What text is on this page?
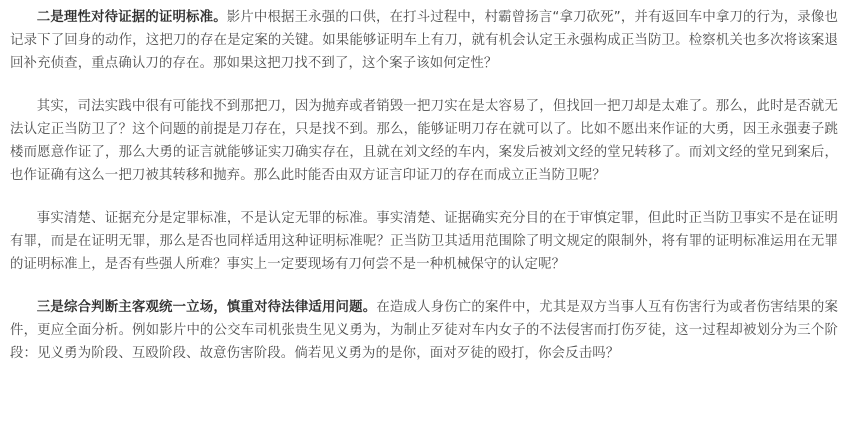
二是理性对待证据的证明标准。影片中根据王永强的口供，在打斗过程中，村霸曾扬言“拿刀砍死”，并有返回车中拿刀的行为，录像也记录下了回身的动作，这把刀的存在是定案的关键。如果能够证明车上有刀，就有机会认定王永强构成正当防卫。检察机关也多次将该案退回补充侦查，重点确认刀的存在。那如果这把刀找不到了，这个案子该如何定性？

其实，司法实践中很有可能找不到那把刀，因为抛弃或者销毁一把刀实在是太容易了，但找回一把刀却是太难了。那么，此时是否就无法认定正当防卫了？这个问题的前提是刀存在，只是找不到。那么，能够证明刀存在就可以了。比如不愿出来作证的大勇，因王永强妻子跳楼而愿意作证了，那么大勇的证言就能够证实刀确实存在，且就在刘文经的车内，案发后被刘文经的堂兄转移了。而刘文经的堂兄到案后，也作证确有这么一把刀被其转移和抛弃。那么此时能否由双方证言印证刀的存在而成立正当防卫呢？

事实清楚、证据充分是定罪标准，不是认定无罪的标准。事实清楚、证据确实充分目的在于审慎定罪，但此时正当防卫事实不是在证明有罪，而是在证明无罪，那么是否也同样适用这种证明标准呢？正当防卫其适用范围除了明文规定的限制外，将有罪的证明标准运用在无罪的证明标准上，是否有些强人所难？事实上一定要现场有刀何尝不是一种机械保守的认定呢？

三是综合判断主客观统一立场，慎重对待法律适用问题。在造成人身伤亡的案件中，尤其是双方当事人互有伤害行为或者伤害结果的案件，更应全面分析。例如影片中的公交车司机张贵生见义勇为，为制止歹徒对车内女子的不法侵害而打伤歹徒，这一过程却被划分为三个阶段：见义勇为阶段、互殴阶段、故意伤害阶段。倘若见义勇为的是你，面对歹徒的殴打，你会反击吗？
